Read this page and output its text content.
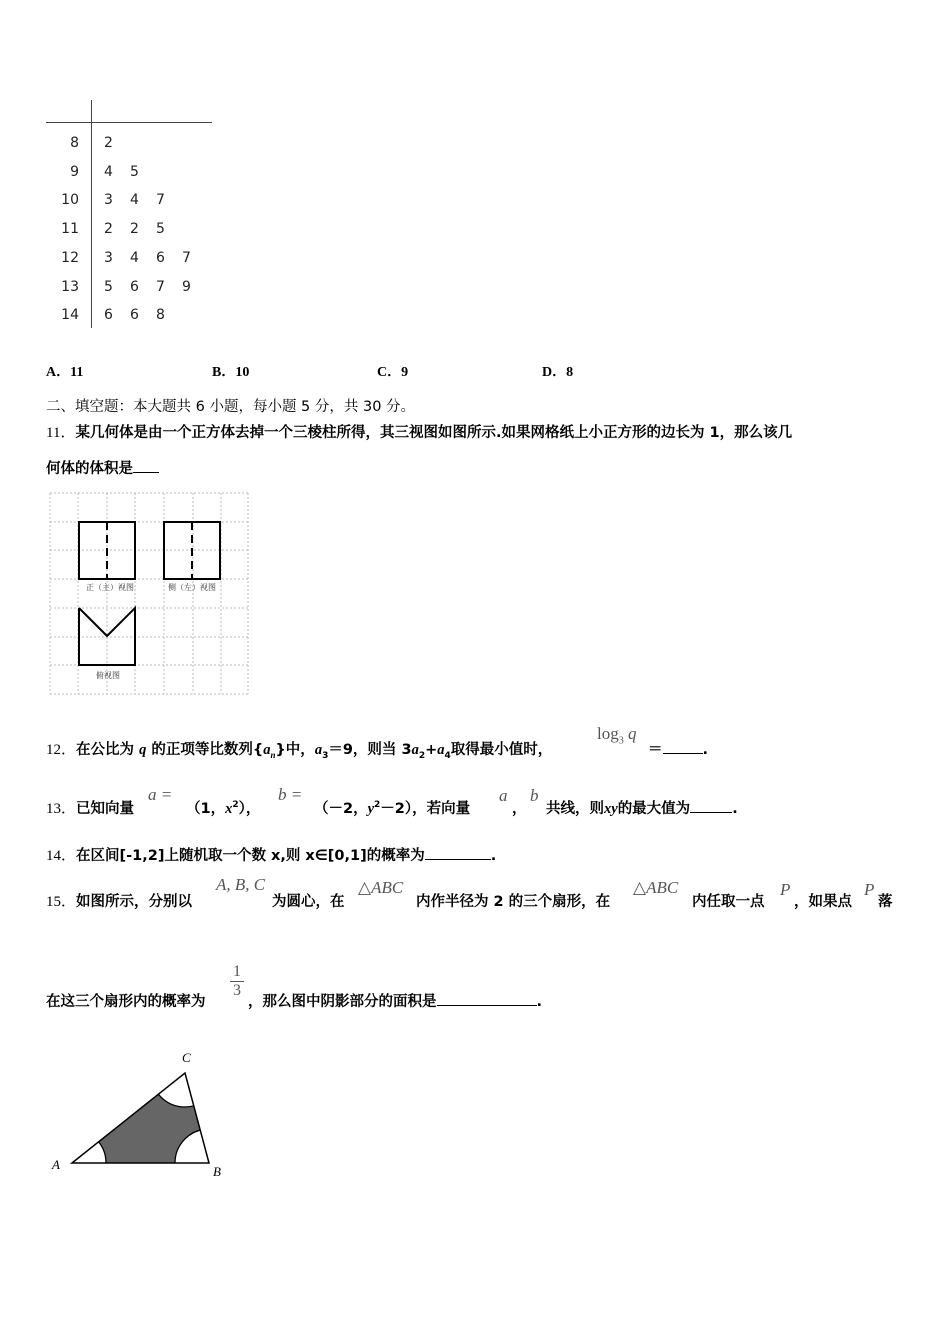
8 2
9 4 5
10 3 4 7
11 2 2 5
12 3 4 6 7
13 5 6 7 9
14 6 6 8
A．11	B．10	C．9	D．8
二、填空题：本大题共 6 小题，每小题 5 分，共 30 分。
11．某几何体是由一个正方体去掉一个三棱柱所得，其三视图如图所示.如果网格纸上小正方形的边长为 1，那么该几
何体的体积是
正（主）视图	侧（左）视图
俯视图
12．在公比为 q 的正项等比数列$\{a_n\}$中，$a_3=9$，则当 $3a_2+a_4$取得最小值时，
$\log_3 q$
＝	.
13．已知向量
a =
（1，$x^2$），
b =
（－2，$y^2-2$），若向量
a
，
b
共线，则xy的最大值为	.
14．在区间[-1,2]上随机取一个数 x,则 x∈[0,1]的概率为	.
15．如图所示，分别以
A, B, C
为圆心，在
△ABC
内作半径为 2 的三个扇形，在
△ABC
内任取一点
P
，如果点
P
落
在这三个扇形内的概率为
$\frac{1}{3}$
，那么图中阴影部分的面积是	.
A	B
C
